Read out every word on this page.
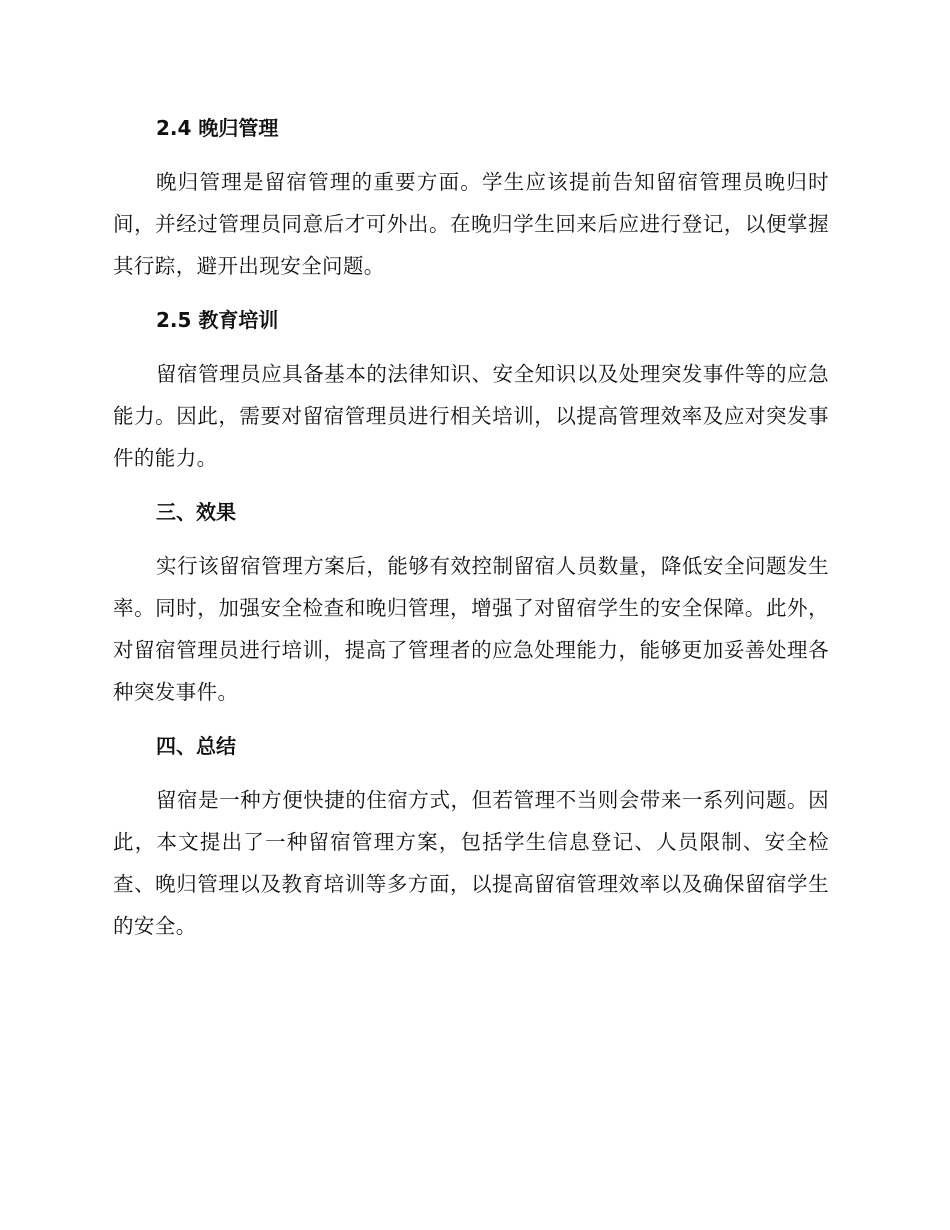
2.4 晚归管理

晚归管理是留宿管理的重要方面。学生应该提前告知留宿管理员晚归时间，并经过管理员同意后才可外出。在晚归学生回来后应进行登记，以便掌握其行踪，避开出现安全问题。

2.5 教育培训

留宿管理员应具备基本的法律知识、安全知识以及处理突发事件等的应急能力。因此，需要对留宿管理员进行相关培训，以提高管理效率及应对突发事件的能力。

三、效果

实行该留宿管理方案后，能够有效控制留宿人员数量，降低安全问题发生率。同时，加强安全检查和晚归管理，增强了对留宿学生的安全保障。此外，对留宿管理员进行培训，提高了管理者的应急处理能力，能够更加妥善处理各种突发事件。

四、总结

留宿是一种方便快捷的住宿方式，但若管理不当则会带来一系列问题。因此，本文提出了一种留宿管理方案，包括学生信息登记、人员限制、安全检查、晚归管理以及教育培训等多方面，以提高留宿管理效率以及确保留宿学生的安全。
